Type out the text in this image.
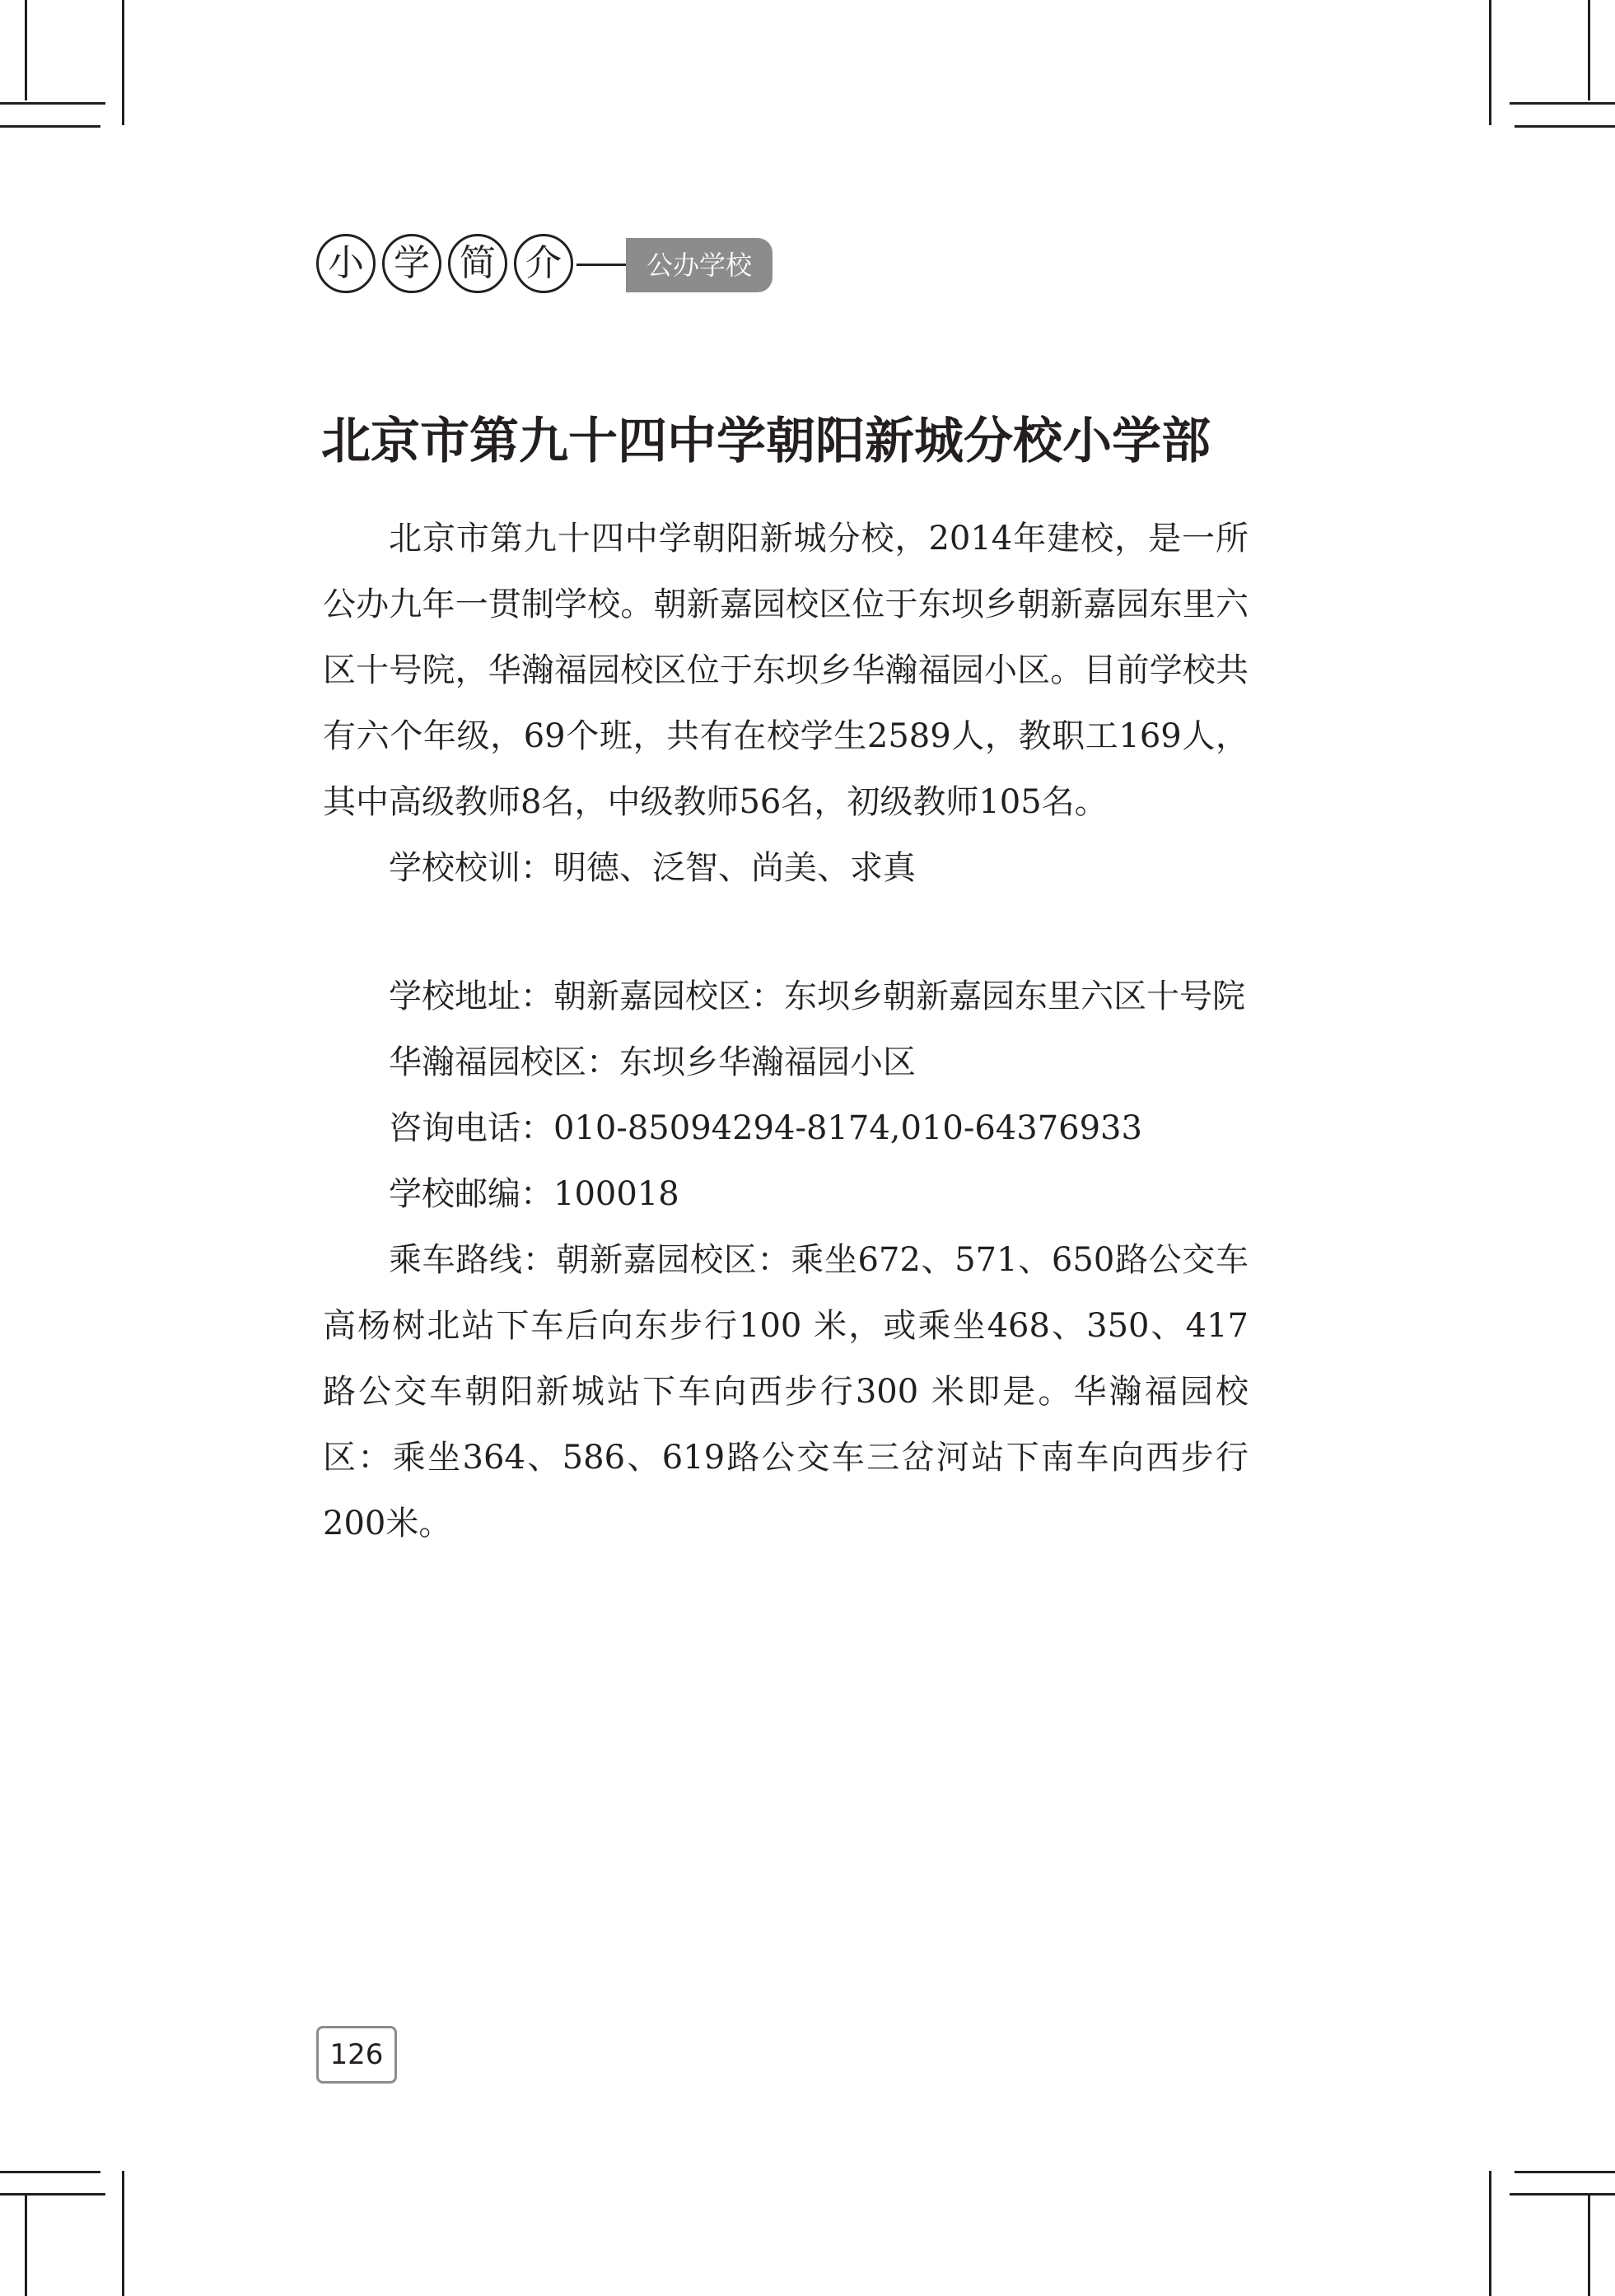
小 学 简 介	公办学校
北京市第九十四中学朝阳新城分校小学部

北京市第九十四中学朝阳新城分校，2014年建校，是一所公办九年一贯制学校。朝新嘉园校区位于东坝乡朝新嘉园东里六区十号院，华瀚福园校区位于东坝乡华瀚福园小区。目前学校共有六个年级，69个班，共有在校学生2589人，教职工169人，其中高级教师8名，中级教师56名，初级教师105名。

学校校训：明德、泛智、尚美、求真

学校地址：朝新嘉园校区：东坝乡朝新嘉园东里六区十号院

华瀚福园校区：东坝乡华瀚福园小区

咨询电话：010-85094294-8174,010-64376933

学校邮编：100018

乘车路线：朝新嘉园校区：乘坐672、571、650路公交车高杨树北站下车后向东步行100 米，或乘坐468、350、417 路公交车朝阳新城站下车向西步行300 米即是。华瀚福园校区：乘坐364、586、619路公交车三岔河站下南车向西步行200米。

126
